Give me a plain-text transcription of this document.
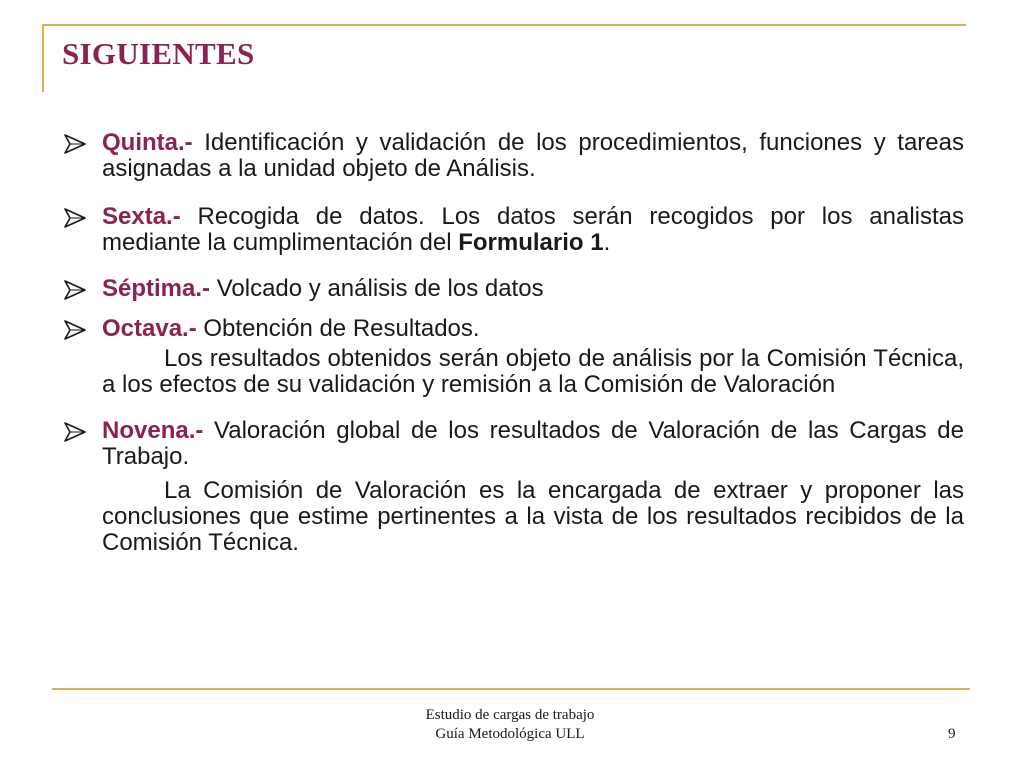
SIGUIENTES
Quinta.- Identificación y validación de los procedimientos, funciones y tareas asignadas a la unidad objeto de Análisis.
Sexta.- Recogida de datos. Los datos serán recogidos por los analistas mediante la cumplimentación del Formulario 1.
Séptima.- Volcado y análisis de los datos
Octava.- Obtención de Resultados.
Los resultados obtenidos serán objeto de análisis por la Comisión Técnica, a los efectos de su validación y remisión a la Comisión de Valoración
Novena.- Valoración global de los resultados de Valoración de las Cargas de Trabajo.
La Comisión de Valoración es la encargada de extraer y proponer las conclusiones que estime pertinentes a la vista de los resultados recibidos de la Comisión Técnica.
Estudio de cargas de trabajo
Guía Metodológica ULL	9
